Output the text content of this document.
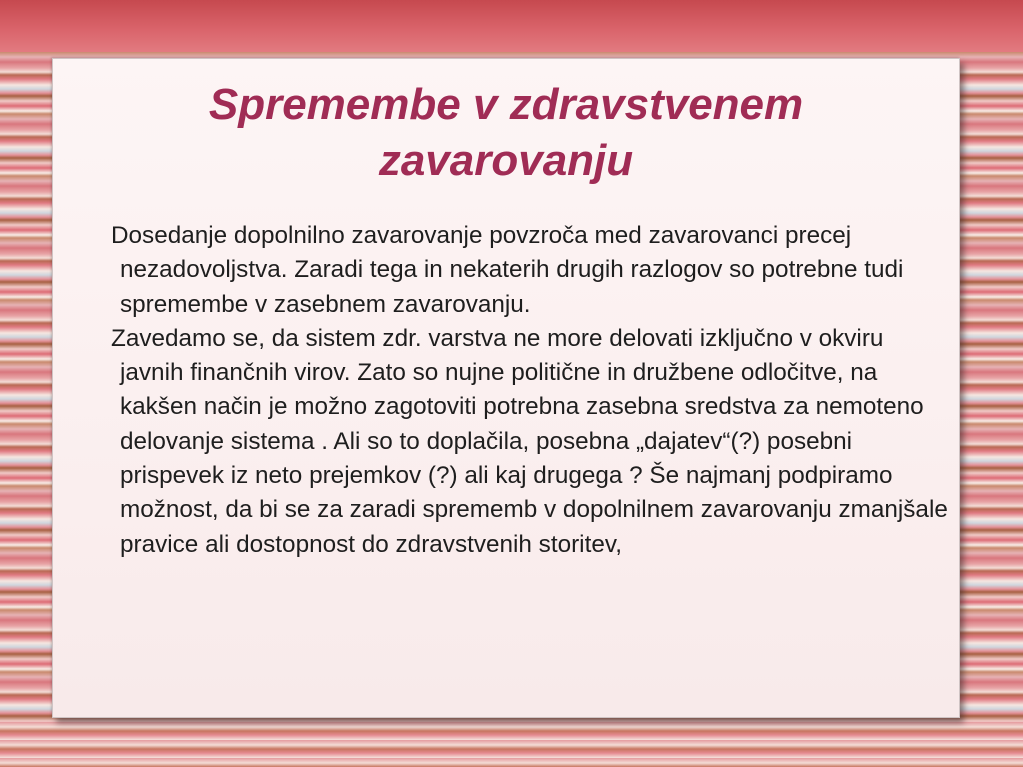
Spremembe v zdravstvenem zavarovanju
Dosedanje dopolnilno zavarovanje povzroča med zavarovanci precej nezadovoljstva. Zaradi tega in nekaterih drugih razlogov so potrebne tudi spremembe v zasebnem zavarovanju.
Zavedamo se, da sistem zdr. varstva ne more delovati izključno v okviru javnih finančnih virov. Zato so nujne politične in družbene odločitve, na kakšen način je možno zagotoviti potrebna zasebna sredstva za nemoteno delovanje sistema . Ali so to doplačila, posebna „dajatev“(?) posebni prispevek iz neto prejemkov (?) ali kaj drugega ? Še najmanj podpiramo možnost, da bi se za zaradi sprememb v dopolnilnem zavarovanju zmanjšale pravice ali dostopnost do zdravstvenih storitev,
